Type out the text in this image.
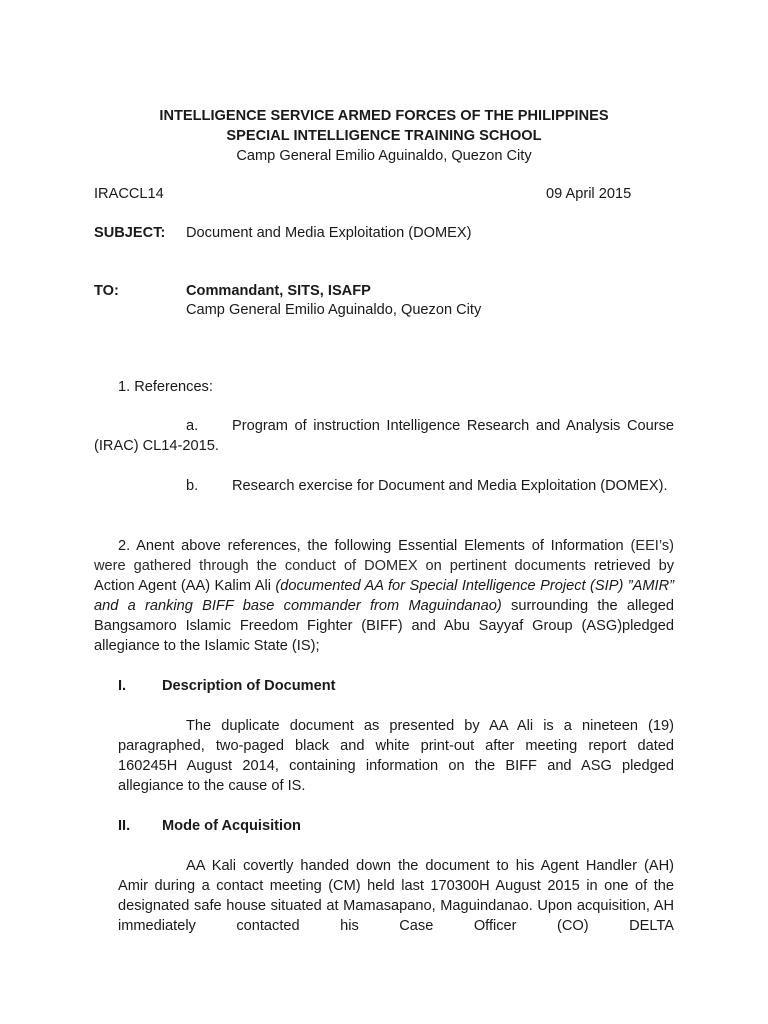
INTELLIGENCE SERVICE ARMED FORCES OF THE PHILIPPINES

SPECIAL INTELLIGENCE TRAINING SCHOOL

Camp General Emilio Aguinaldo, Quezon City

IRACCL14	09 April 2015

SUBJECT: Document and Media Exploitation (DOMEX)

TO:	Commandant, SITS, ISAFP

Camp General Emilio Aguinaldo, Quezon City

1. References:

a. Program of instruction Intelligence Research and Analysis Course (IRAC) CL14-2015.

b. Research exercise for Document and Media Exploitation (DOMEX).

2. Anent above references, the following Essential Elements of Information (EEI’s) were gathered through the conduct of DOMEX on pertinent documents retrieved by Action Agent (AA) Kalim Ali (documented AA for Special Intelligence Project (SIP) ”AMIR” and a ranking BIFF base commander from Maguindanao) surrounding the alleged Bangsamoro Islamic Freedom Fighter (BIFF) and Abu Sayyaf Group (ASG)pledged allegiance to the Islamic State (IS);

I. Description of Document

The duplicate document as presented by AA Ali is a nineteen (19) paragraphed, two-paged black and white print-out after meeting report dated 160245H August 2014, containing information on the BIFF and ASG pledged allegiance to the cause of IS.

II. Mode of Acquisition

AA Kali covertly handed down the document to his Agent Handler (AH) Amir during a contact meeting (CM) held last 170300H August 2015 in one of the designated safe house situated at Mamasapano, Maguindanao. Upon acquisition, AH immediately contacted his Case Officer (CO) DELTA
